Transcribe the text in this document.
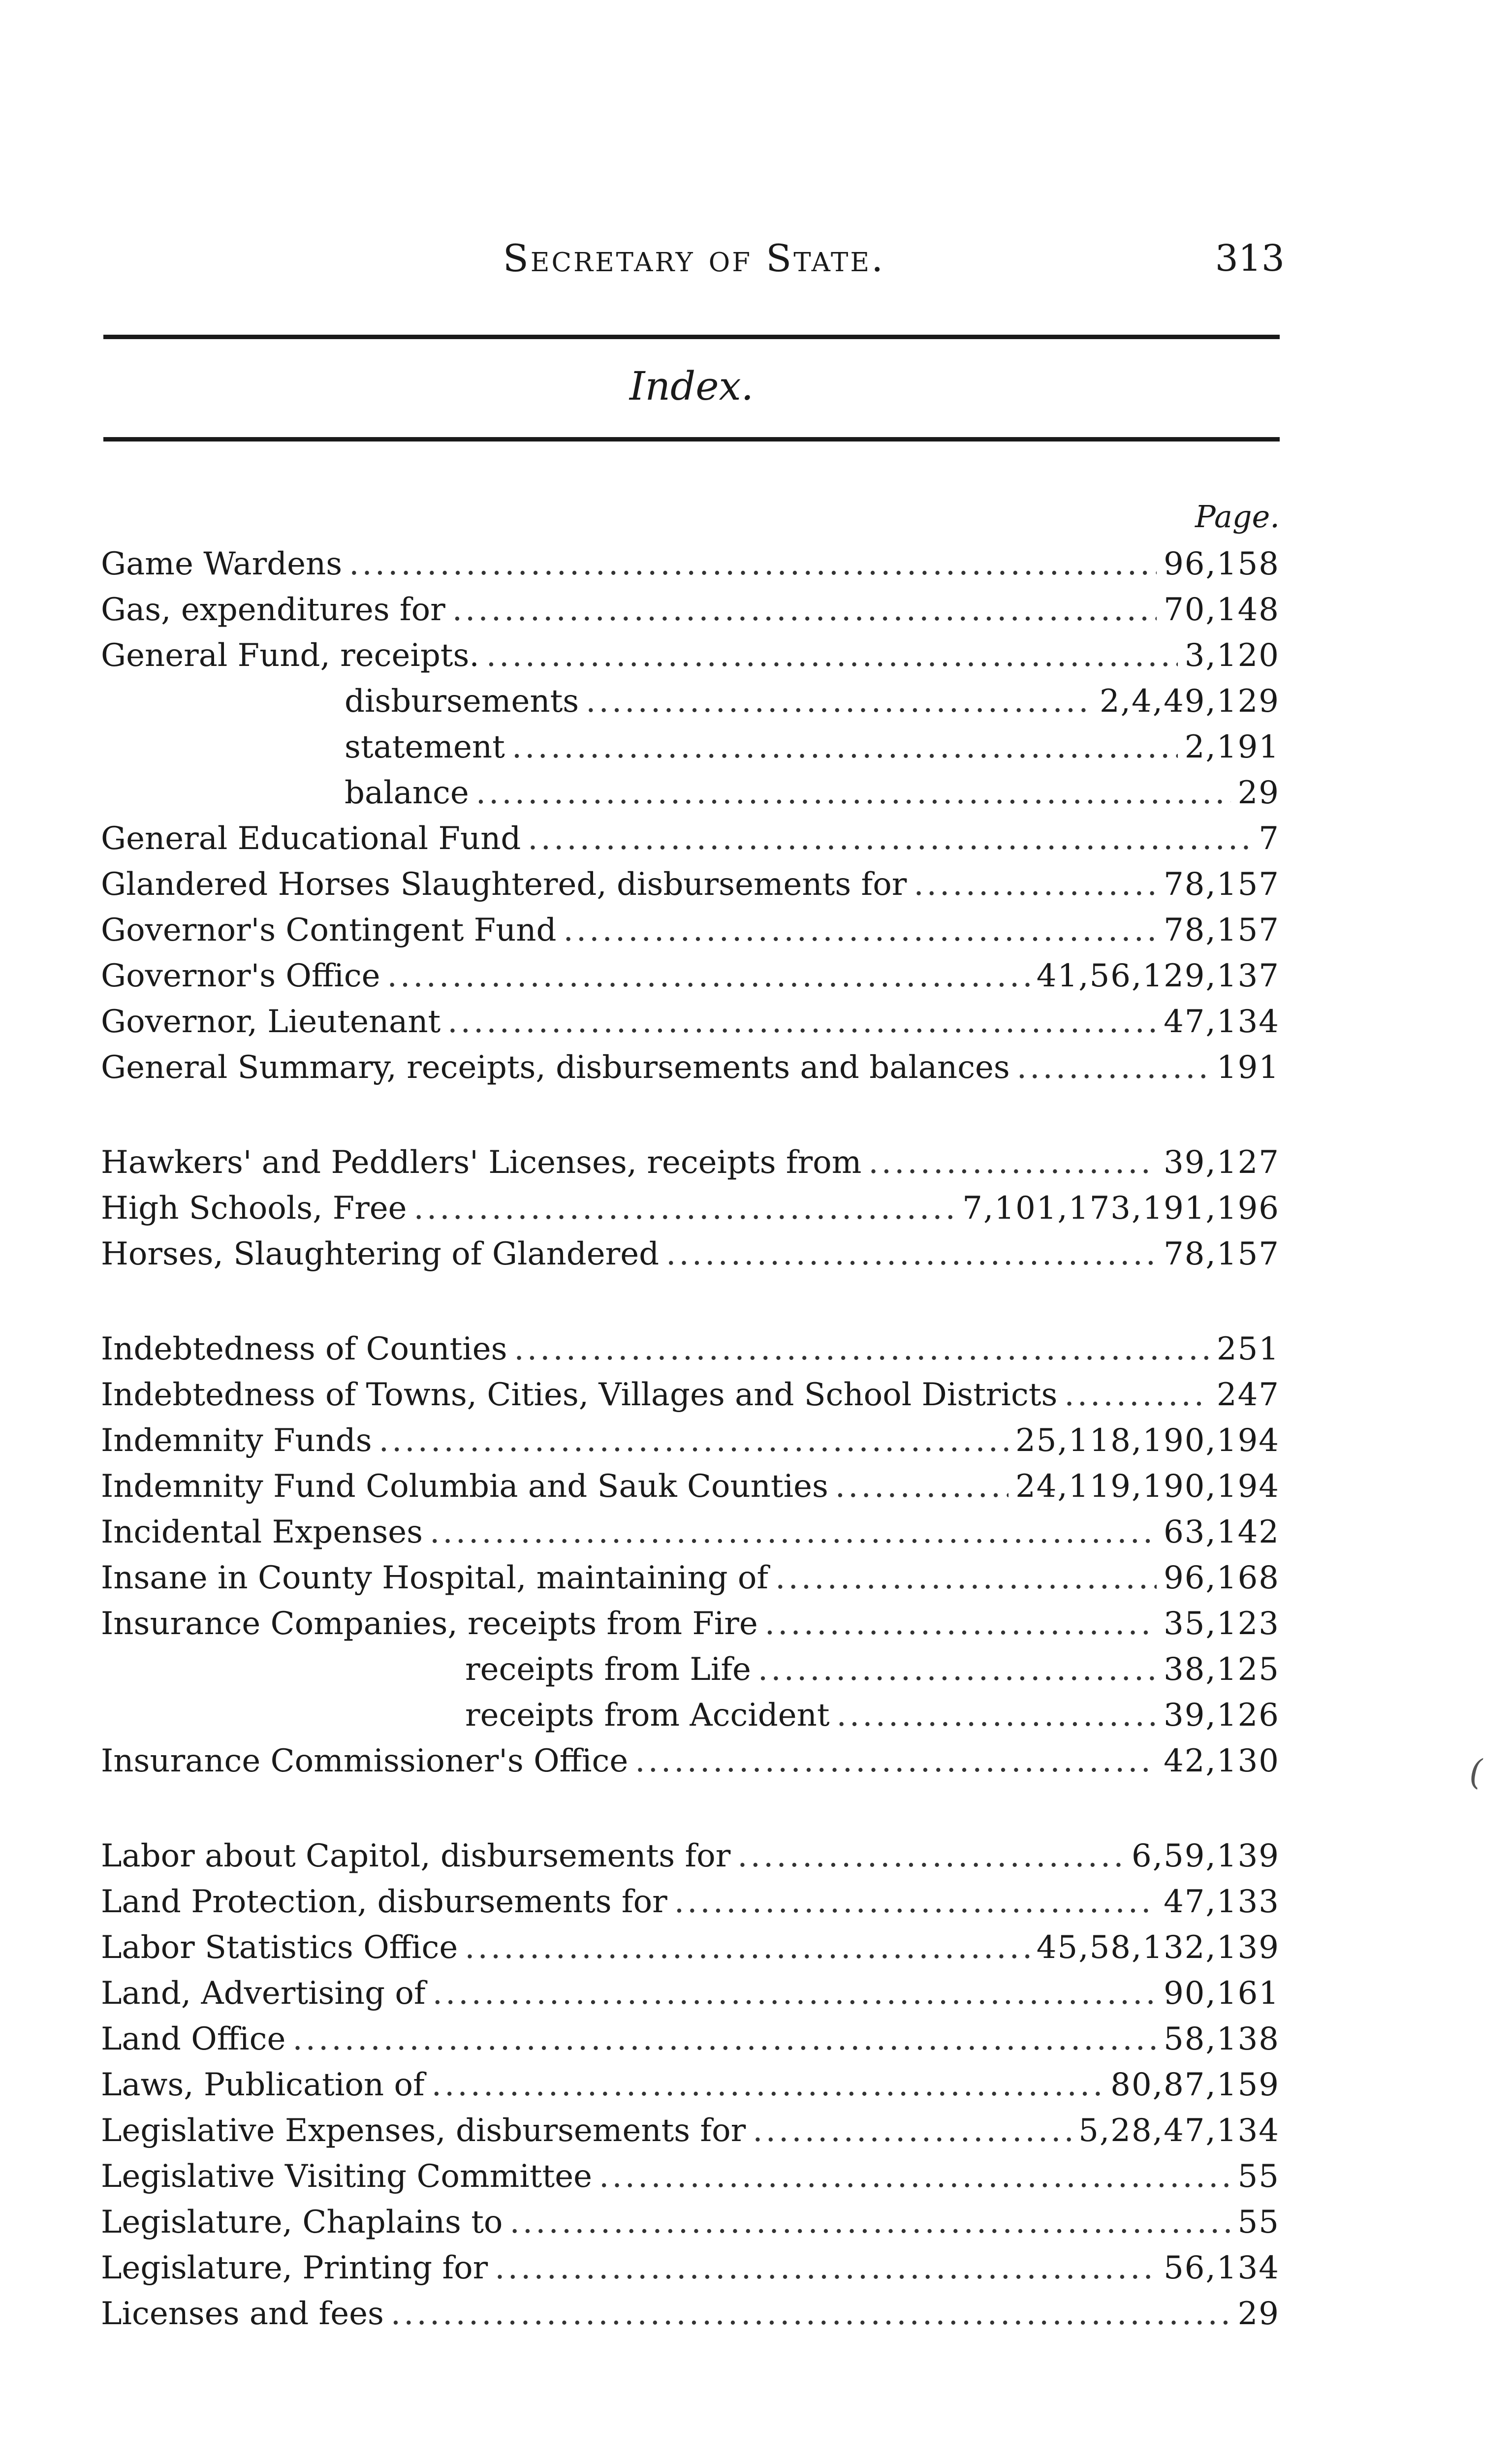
Secretary of State.	313
Index.
Page.
Game Wardens .....	96,158
Gas, expenditures for .....	70,148
General Fund, receipts. .....	3,120
disbursements .....	2,4,49,129
statement .....	2,191
balance .....	29
General Educational Fund .....	7
Glandered Horses Slaughtered, disbursements for .....	78,157
Governor's Contingent Fund .....	78,157
Governor's Office .....	41,56,129,137
Governor, Lieutenant .....	47,134
General Summary, receipts, disbursements and balances .....	191
Hawkers' and Peddlers' Licenses, receipts from .....	39,127
High Schools, Free .....	7,101,173,191,196
Horses, Slaughtering of Glandered .....	78,157
Indebtedness of Counties .....	251
Indebtedness of Towns, Cities, Villages and School Districts .....	247
Indemnity Funds .....	25,118,190,194
Indemnity Fund Columbia and Sauk Counties .....	24,119,190,194
Incidental Expenses .....	63,142
Insane in County Hospital, maintaining of .....	96,168
Insurance Companies, receipts from Fire .....	35,123
receipts from Life .....	38,125
receipts from Accident .....	39,126
Insurance Commissioner's Office .....	42,130
Labor about Capitol, disbursements for .....	6,59,139
Land Protection, disbursements for .....	47,133
Labor Statistics Office .....	45,58,132,139
Land, Advertising of .....	90,161
Land Office .....	58,138
Laws, Publication of .....	80,87,159
Legislative Expenses, disbursements for .....	5,28,47,134
Legislative Visiting Committee .....	55
Legislature, Chaplains to .....	55
Legislature, Printing for .....	56,134
Licenses and fees .....	29
(
